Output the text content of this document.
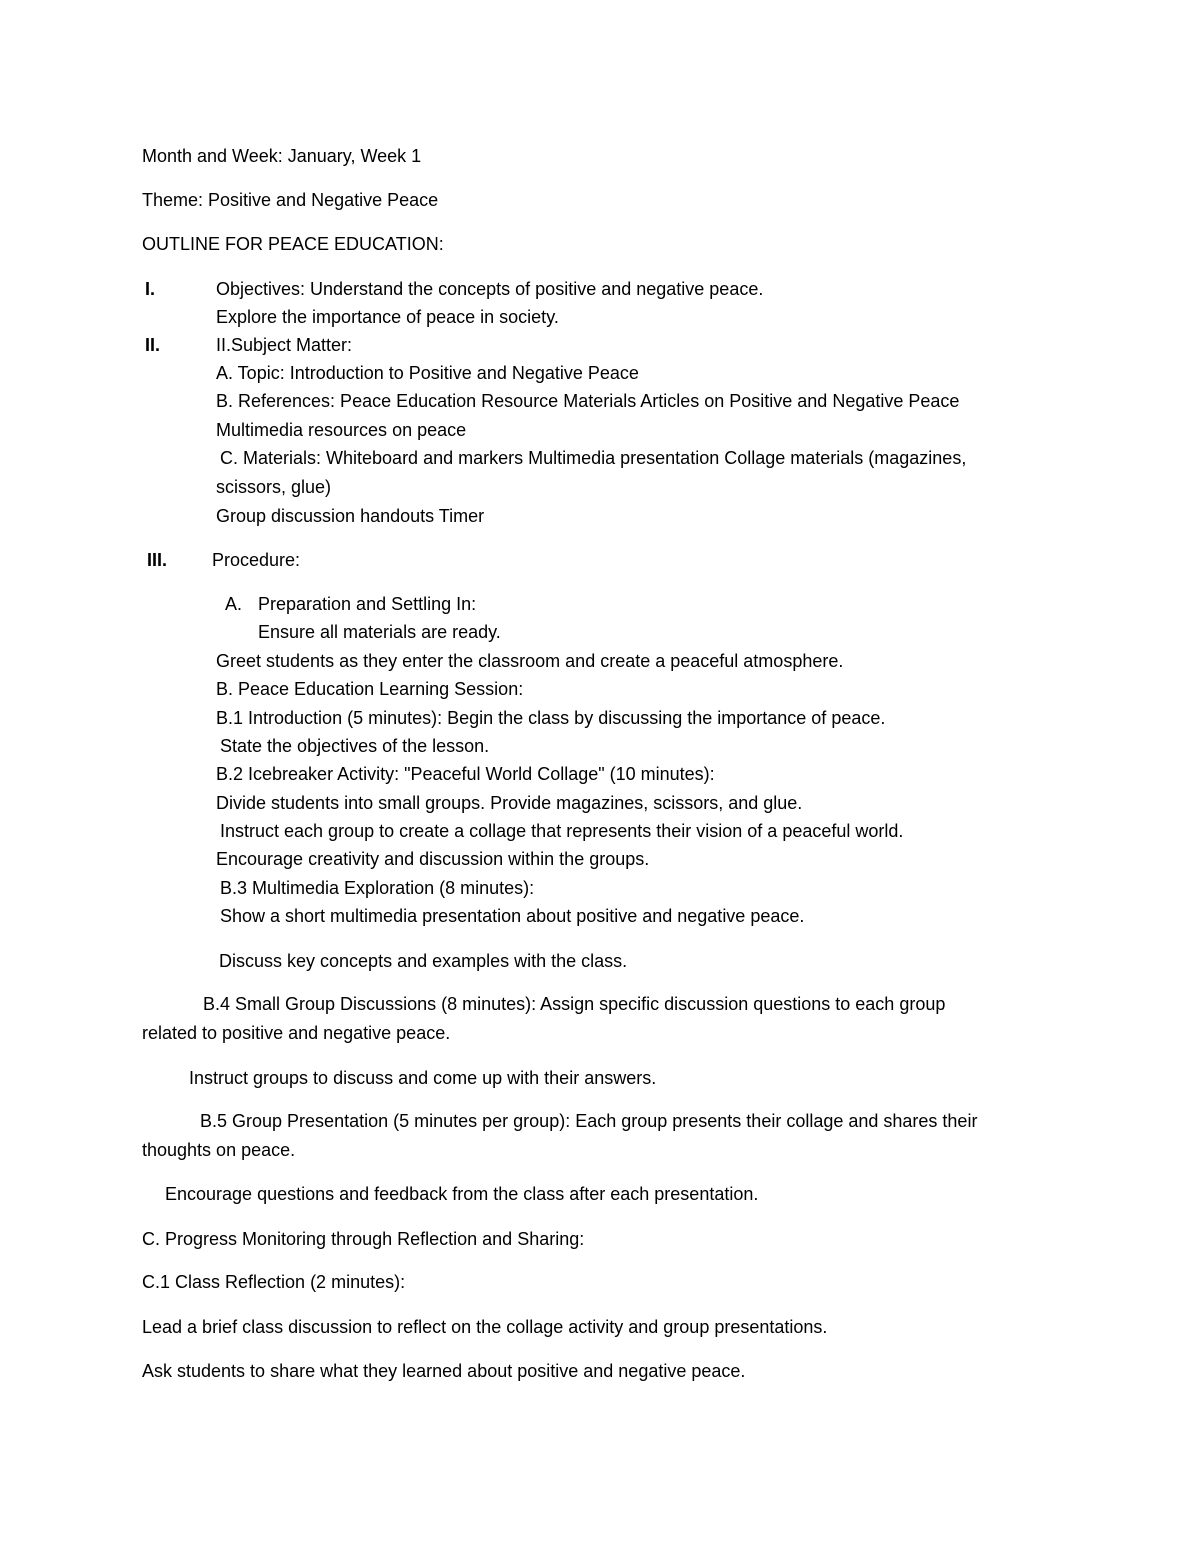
Month and Week: January, Week 1
Theme: Positive and Negative Peace
OUTLINE FOR PEACE EDUCATION:
I.	Objectives: Understand the concepts of positive and negative peace.
Explore the importance of peace in society.
II.	II.Subject Matter:
A. Topic: Introduction to Positive and Negative Peace
B. References: Peace Education Resource Materials Articles on Positive and Negative Peace
Multimedia resources on peace
C. Materials: Whiteboard and markers Multimedia presentation Collage materials (magazines,
scissors, glue)
Group discussion handouts Timer
III. Procedure:
A. Preparation and Settling In:
Ensure all materials are ready.
Greet students as they enter the classroom and create a peaceful atmosphere.
B. Peace Education Learning Session:
B.1 Introduction (5 minutes): Begin the class by discussing the importance of peace.
State the objectives of the lesson.
B.2 Icebreaker Activity: "Peaceful World Collage" (10 minutes):
Divide students into small groups. Provide magazines, scissors, and glue.
Instruct each group to create a collage that represents their vision of a peaceful world.
Encourage creativity and discussion within the groups.
B.3 Multimedia Exploration (8 minutes):
Show a short multimedia presentation about positive and negative peace.
Discuss key concepts and examples with the class.
B.4 Small Group Discussions (8 minutes): Assign specific discussion questions to each group
related to positive and negative peace.
Instruct groups to discuss and come up with their answers.
B.5 Group Presentation (5 minutes per group): Each group presents their collage and shares their
thoughts on peace.
Encourage questions and feedback from the class after each presentation.
C. Progress Monitoring through Reflection and Sharing:
C.1 Class Reflection (2 minutes):
Lead a brief class discussion to reflect on the collage activity and group presentations.
Ask students to share what they learned about positive and negative peace.
